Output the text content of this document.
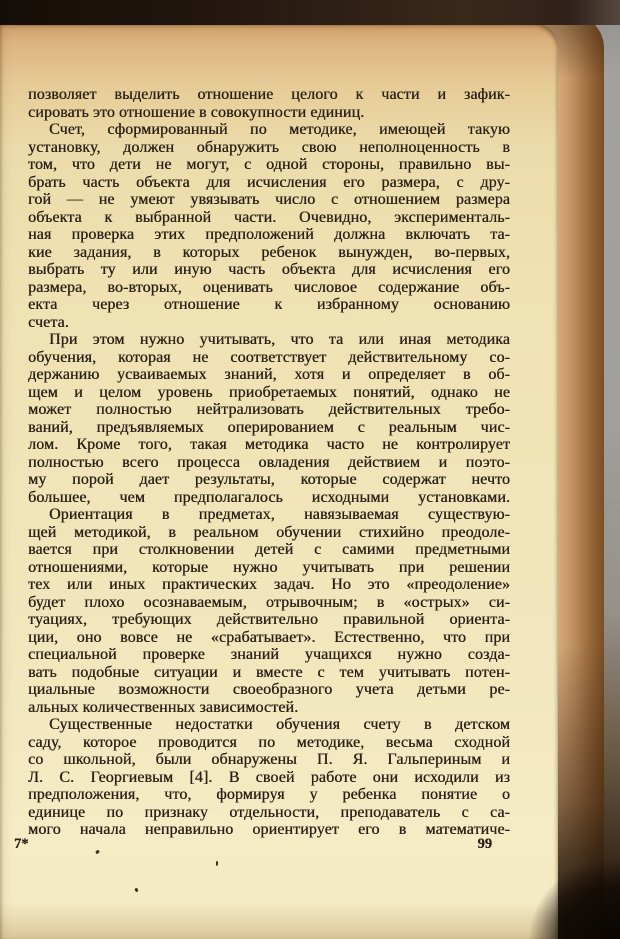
позволяет выделить отношение целого к части и зафик-
сировать это отношение в совокупности единиц.
Счет, сформированный по методике, имеющей такую
установку, должен обнаружить свою неполноценность в
том, что дети не могут, с одной стороны, правильно вы-
брать часть объекта для исчисления его размера, с дру-
гой — не умеют увязывать число с отношением размера
объекта к выбранной части. Очевидно, эксперименталь-
ная проверка этих предположений должна включать та-
кие задания, в которых ребенок вынужден, во-первых,
выбрать ту или иную часть объекта для исчисления его
размера, во-вторых, оценивать числовое содержание объ-
екта через отношение к избранному основанию
счета.
При этом нужно учитывать, что та или иная методика
обучения, которая не соответствует действительному со-
держанию усваиваемых знаний, хотя и определяет в об-
щем и целом уровень приобретаемых понятий, однако не
может полностью нейтрализовать действительных требо-
ваний, предъявляемых оперированием с реальным чис-
лом. Кроме того, такая методика часто не контролирует
полностью всего процесса овладения действием и поэто-
му порой дает результаты, которые содержат нечто
большее, чем предполагалось исходными установками.
Ориентация в предметах, навязываемая существую-
щей методикой, в реальном обучении стихийно преодоле-
вается при столкновении детей с самими предметными
отношениями, которые нужно учитывать при решении
тех или иных практических задач. Но это «преодоление»
будет плохо осознаваемым, отрывочным; в «острых» си-
туациях, требующих действительно правильной ориента-
ции, оно вовсе не «срабатывает». Естественно, что при
специальной проверке знаний учащихся нужно созда-
вать подобные ситуации и вместе с тем учитывать потен-
циальные возможности своеобразного учета детьми ре-
альных количественных зависимостей.
Существенные недостатки обучения счету в детском
саду, которое проводится по методике, весьма сходной
со школьной, были обнаружены П. Я. Гальпериным и
Л. С. Георгиевым [4]. В своей работе они исходили из
предположения, что, формируя у ребенка понятие о
единице по признаку отдельности, преподаватель с са-
мого начала неправильно ориентирует его в математиче-
7*	99
